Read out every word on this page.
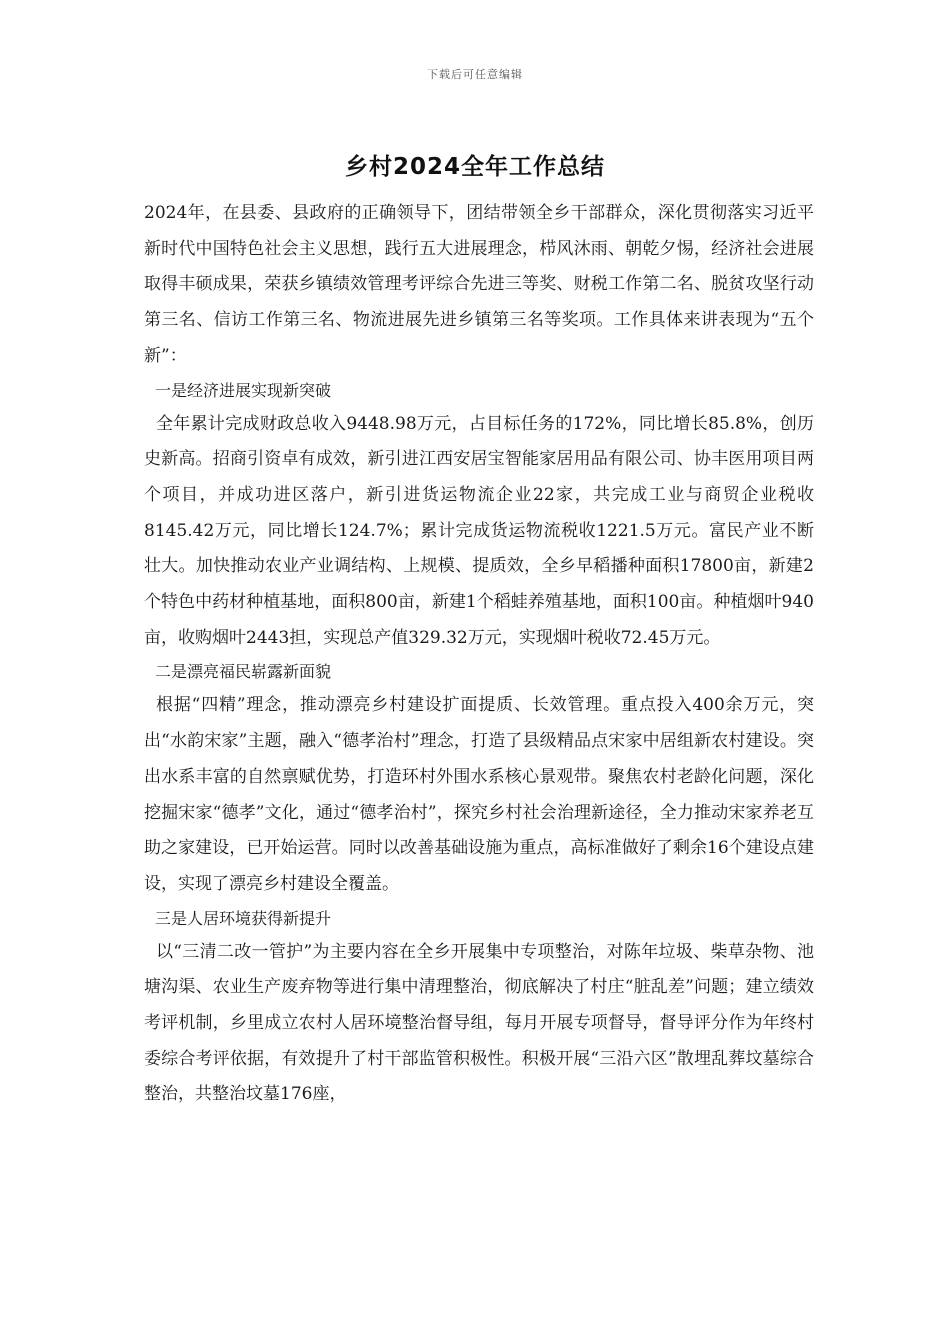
下载后可任意编辑
乡村2024全年工作总结

2024年，在县委、县政府的正确领导下，团结带领全乡干部群众，深化贯彻落实习近平新时代中国特色社会主义思想，践行五大进展理念，栉风沐雨、朝乾夕惕，经济社会进展取得丰硕成果，荣获乡镇绩效管理考评综合先进三等奖、财税工作第二名、脱贫攻坚行动第三名、信访工作第三名、物流进展先进乡镇第三名等奖项。工作具体来讲表现为“五个新”：

一是经济进展实现新突破

全年累计完成财政总收入9448.98万元，占目标任务的172%，同比增长85.8%，创历史新高。招商引资卓有成效，新引进江西安居宝智能家居用品有限公司、协丰医用项目两个项目，并成功进区落户，新引进货运物流企业22家，共完成工业与商贸企业税收8145.42万元，同比增长124.7%；累计完成货运物流税收1221.5万元。富民产业不断壮大。加快推动农业产业调结构、上规模、提质效，全乡早稻播种面积17800亩，新建2个特色中药材种植基地，面积800亩，新建1个稻蛙养殖基地，面积100亩。种植烟叶940亩，收购烟叶2443担，实现总产值329.32万元，实现烟叶税收72.45万元。

二是漂亮福民崭露新面貌

根据“四精”理念，推动漂亮乡村建设扩面提质、长效管理。重点投入400余万元，突出“水韵宋家”主题，融入“德孝治村”理念，打造了县级精品点宋家中居组新农村建设。突出水系丰富的自然禀赋优势，打造环村外围水系核心景观带。聚焦农村老龄化问题，深化挖掘宋家“德孝”文化，通过“德孝治村”，探究乡村社会治理新途径，全力推动宋家养老互助之家建设，已开始运营。同时以改善基础设施为重点，高标准做好了剩余16个建设点建设，实现了漂亮乡村建设全覆盖。

三是人居环境获得新提升

以“三清二改一管护”为主要内容在全乡开展集中专项整治，对陈年垃圾、柴草杂物、池塘沟渠、农业生产废弃物等进行集中清理整治，彻底解决了村庄“脏乱差”问题；建立绩效考评机制，乡里成立农村人居环境整治督导组，每月开展专项督导，督导评分作为年终村委综合考评依据，有效提升了村干部监管积极性。积极开展“三沿六区”散埋乱葬坟墓综合整治，共整治坟墓176座，
